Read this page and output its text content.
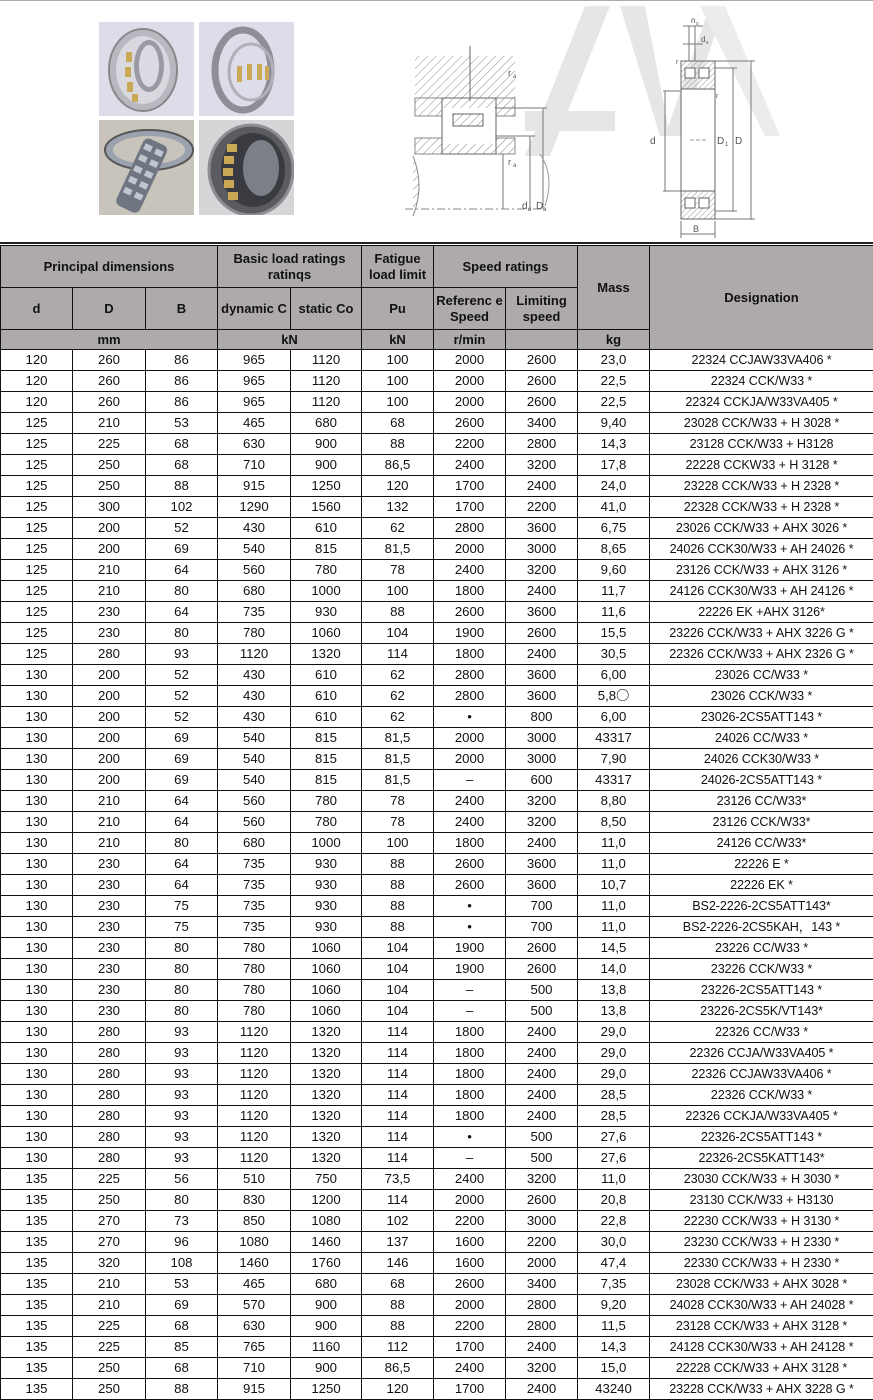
r a
r a
d a D a
n s
d s
r
r
d	D 1 D
B
Principal dimensions			Basic load ratings ratinqs		Fatigue load limit	Speed ratings		Mass	Designation
d	D	B	dynamic C	static Co	Pu	Referenc e Speed	Limiting speed		
mm			kN		kN	r/min		kg	
120	260	86	965	1120	100	2000	2600	23,0	22324 CCJAW33VA406 *
120	260	86	965	1120	100	2000	2600	22,5	22324 CCK/W33 *
120	260	86	965	1120	100	2000	2600	22,5	22324 CCKJA/W33VA405 *
125	210	53	465	680	68	2600	3400	9,40	23028 CCK/W33 + H 3028 *
125	225	68	630	900	88	2200	2800	14,3	23128 CCK/W33 + H3128
125	250	68	710	900	86,5	2400	3200	17,8	22228 CCKW33 + H 3128 *
125	250	88	915	1250	120	1700	2400	24,0	23228 CCK/W33 + H 2328 *
125	300	102	1290	1560	132	1700	2200	41,0	22328 CCK/W33 + H 2328 *
125	200	52	430	610	62	2800	3600	6,75	23026 CCK/W33 + AHX 3026 *
125	200	69	540	815	81,5	2000	3000	8,65	24026 CCK30/W33 + AH 24026 *
125	210	64	560	780	78	2400	3200	9,60	23126 CCK/W33 + AHX 3126 *
125	210	80	680	1000	100	1800	2400	11,7	24126 CCK30/W33 + AH 24126 *
125	230	64	735	930	88	2600	3600	11,6	22226 EK +AHX 3126*
125	230	80	780	1060	104	1900	2600	15,5	23226 CCK/W33 + AHX 3226 G *
125	280	93	1120	1320	114	1800	2400	30,5	22326 CCK/W33 + AHX 2326 G *
130	200	52	430	610	62	2800	3600	6,00	23026 CC/W33 *
130	200	52	430	610	62	2800	3600	5,8〇	23026 CCK/W33 *
130	200	52	430	610	62	•	800	6,00	23026-2CS5ATT143 *
130	200	69	540	815	81,5	2000	3000	43317	24026 CC/W33 *
130	200	69	540	815	81,5	2000	3000	7,90	24026 CCK30/W33 *
130	200	69	540	815	81,5	–	600	43317	24026-2CS5ATT143 *
130	210	64	560	780	78	2400	3200	8,80	23126 CC/W33*
130	210	64	560	780	78	2400	3200	8,50	23126 CCK/W33*
130	210	80	680	1000	100	1800	2400	11,0	24126 CC/W33*
130	230	64	735	930	88	2600	3600	11,0	22226 E *
130	230	64	735	930	88	2600	3600	10,7	22226 EK *
130	230	75	735	930	88	•	700	11,0	BS2-2226-2CS5ATT143*
130	230	75	735	930	88	•	700	11,0	BS2-2226-2CS5KAH，143 *
130	230	80	780	1060	104	1900	2600	14,5	23226 CC/W33 *
130	230	80	780	1060	104	1900	2600	14,0	23226 CCK/W33 *
130	230	80	780	1060	104	–	500	13,8	23226-2CS5ATT143 *
130	230	80	780	1060	104	–	500	13,8	23226-2CS5K/VT143*
130	280	93	1120	1320	114	1800	2400	29,0	22326 CC/W33 *
130	280	93	1120	1320	114	1800	2400	29,0	22326 CCJA/W33VA405 *
130	280	93	1120	1320	114	1800	2400	29,0	22326 CCJAW33VA406 *
130	280	93	1120	1320	114	1800	2400	28,5	22326 CCK/W33 *
130	280	93	1120	1320	114	1800	2400	28,5	22326 CCKJA/W33VA405 *
130	280	93	1120	1320	114	•	500	27,6	22326-2CS5ATT143 *
130	280	93	1120	1320	114	–	500	27,6	22326-2CS5KATT143*
135	225	56	510	750	73,5	2400	3200	11,0	23030 CCK/W33 + H 3030 *
135	250	80	830	1200	114	2000	2600	20,8	23130 CCK/W33 + H3130
135	270	73	850	1080	102	2200	3000	22,8	22230 CCK/W33 + H 3130 *
135	270	96	1080	1460	137	1600	2200	30,0	23230 CCK/W33 + H 2330 *
135	320	108	1460	1760	146	1600	2000	47,4	22330 CCK/W33 + H 2330 *
135	210	53	465	680	68	2600	3400	7,35	23028 CCK/W33 + AHX 3028 *
135	210	69	570	900	88	2000	2800	9,20	24028 CCK30/W33 + AH 24028 *
135	225	68	630	900	88	2200	2800	11,5	23128 CCK/W33 + AHX 3128 *
135	225	85	765	1160	112	1700	2400	14,3	24128 CCK30/W33 + AH 24128 *
135	250	68	710	900	86,5	2400	3200	15,0	22228 CCK/W33 + AHX 3128 *
135	250	88	915	1250	120	1700	2400	43240	23228 CCK/W33 + AHX 3228 G *
